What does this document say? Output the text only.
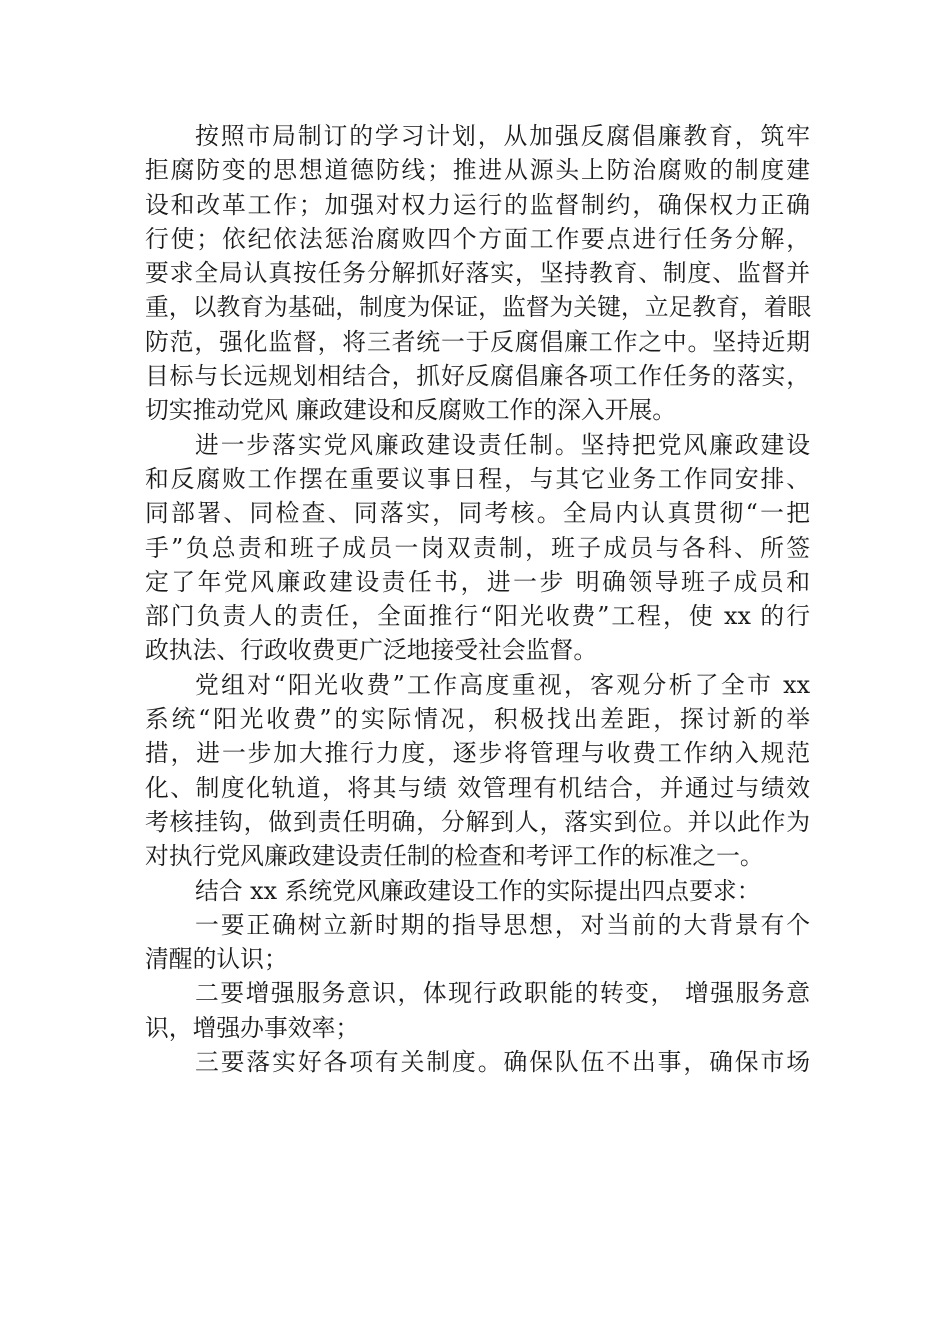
按照市局制订的学习计划，从加强反腐倡廉教育，筑牢
拒腐防变的思想道德防线；推进从源头上防治腐败的制度建
设和改革工作；加强对权力运行的监督制约，确保权力正确
行使；依纪依法惩治腐败四个方面工作要点进行任务分解，
要求全局认真按任务分解抓好落实，坚持教育、制度、监督并
重，以教育为基础，制度为保证，监督为关键，立足教育，着眼
防范，强化监督，将三者统一于反腐倡廉工作之中。坚持近期
目标与长远规划相结合，抓好反腐倡廉各项工作任务的落实，
切实推动党风 廉政建设和反腐败工作的深入开展。
进一步落实党风廉政建设责任制。坚持把党风廉政建设
和反腐败工作摆在重要议事日程，与其它业务工作同安排、
同部署、同检查、同落实，同考核。全局内认真贯彻“一把
手”负总责和班子成员一岗双责制，班子成员与各科、所签
定了年党风廉政建设责任书，进一步 明确领导班子成员和
部门负责人的责任，全面推行“阳光收费”工程，使 xx 的行
政执法、行政收费更广泛地接受社会监督。
党组对“阳光收费”工作高度重视，客观分析了全市 xx
系统“阳光收费”的实际情况，积极找出差距，探讨新的举
措，进一步加大推行力度，逐步将管理与收费工作纳入规范
化、制度化轨道，将其与绩 效管理有机结合，并通过与绩效
考核挂钩，做到责任明确，分解到人，落实到位。并以此作为
对执行党风廉政建设责任制的检查和考评工作的标准之一。
结合 xx 系统党风廉政建设工作的实际提出四点要求：
一要正确树立新时期的指导思想，对当前的大背景有个
清醒的认识；
二要增强服务意识，体现行政职能的转变， 增强服务意
识，增强办事效率；
三要落实好各项有关制度。确保队伍不出事，确保市场
